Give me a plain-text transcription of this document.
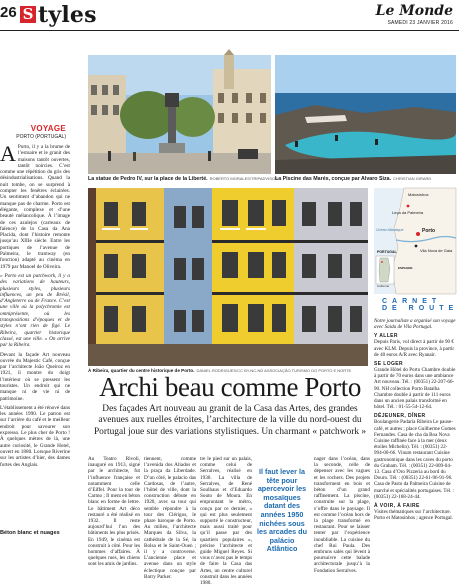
26 S tyles	Le Monde
SAMEDI 23 JANVIER 2016
VOYAGE
PORTO (PORTUGAL)
A Porto, il y a la brume de l’estuaire et le granit des maisons tantôt ouvertes, tantôt noircies. C’est comme une répétition du gris des désindustrialisations. Quand la nuit tombe, on se surprend à compter les fenêtres éclairées. Un sentiment d’abandon qui ne manque pas de charme. Porto est élégante, complexe et d’une beauté mélancolique. À l’image de ces azulejos (carreaux de faïence) de la Casa da Ana Placida, dont l’histoire remonte jusqu’au XIIIe siècle. Entre les portiques de l’avenue de Palmeira, le tramway (en fonction) adapté au cinéma en 1979 par Manoel de Oliveira.

« Porto est un patchwork, il y a des variations de hauteurs, plusieurs styles, plusieurs influences, un peu de Brésil, d’Angleterre ou de France. C’est une ville où la polychromie est omniprésente, où les transpositions d’époques et de styles n’ont rien de figé. Le Ribeira, quartier historique classé, est une ville. » On arrive par la Ribeira.

Devant la façade Art nouveau ouvrée du Majestic Café, conçue par l’architecte João Queiroz en 1921, il montre du doigt l’intérieur où se pressent les touristes. Un endroit qui ne manque ni de vie ni de patrimoine.

L’établissement a été rénové dans les années 1990. Le patron est sur l’arrière du café et le meilleur endroit pour savourer son expresso. Le plus cher de Porto ! À quelques mètres de là, une autre curiosité, le Grande Hotel, ouvert en 1880. Lorsque Riverine sur les artistes d’hier, des dames fortes des Anglais.

Béton blanc et nuages
La statue de Pedro IV, sur la place de la Liberté. ROBERTO MORALES/TRIPADVISOR
La Piscine das Marés, conçue par Alvaro Siza. CHRISTIAN GIRARD
À Ribeira, quartier du centre historique de Porto. DANIEL RODRIGUES/CC BY-NC-ND ASSOCIAÇÃO TURISMO DO PORTO E NORTE
Matosinhos
Leça da Palmeira
Porto
Vila Nova de Gaia
PORTUGAL
Lisbonne
ESPAGNE
Océan Atlantique
CARNET DE ROUTE
Notre journaliste a organisé son voyage avec Saida de Vila Portugal.
Y ALLER
Depuis Paris, vol direct à partir de 90 € avec KLM. Depuis la province, à partir de 40 euros A/R avec Ryanair.
SE LOGER
Grande Hôtel do Porto Chambre double à partir de 70 euros dans une ambiance Art nouveau. Tél. : (00351) 22-207-66-90. NH collection Porto Batalha Chambre double à partir de 111 euros dans un ancien palais transformé en hôtel. Tél. : 01-55-54-12-64.
DÉJEUNER, DÎNER
Boulangerie Padaria Ribeira Le pause-café, et autres ; place Guilherme Gomes Fernandes. Casa de cha da Boa Nova Cuisine raffinée face à la mer (deux étoiles Michelin). Tél. : (00351) 22-994-00-66. Vinum restaurant Cuisine gastronomique dans les caves du porto du Graham. Tél. : (00351) 22-009-04-13. Casa d’Oro Pizzeria au bord du Douro. Tél. : (00351) 22-61-96-91-96. Casa de Pasto da Palmeira Cuisine de marché et spécialités portugaises. Tél. : (00351) 22-168-24-44.
À VOIR, À FAIRE
Visites thématiques sur l’architecture. Porto et Matosinhos ; agence Portugal.
Archi beau comme Porto
Des façades Art nouveau au granit de la Casa das Artes, des grandes avenues aux ruelles étroites, l’architecture de la ville du nord-ouest du Portugal joue sur des variations stylistiques. Un charmant « patchwork »

Au Teatro Rivoli, inauguré en 1913, signé par le architecte, fut l’influence française et notamment celle d’Eiffel. Pour la tour de Carmo ; Il ment en béton blanc en forme de lettre. Le bâtiment Art déco restauré a été réalisé en 1932. Il reste aujourd’hui l’un des bâtiments les plus prisés. En 1949, le cinéma est construit à côté. Pour les hommes d’affaires. À quelques rues, les chiens sont les amis de jardins.

tiennent, comme l’avenida dos Aliados et la praça da Liberdade. D’un côté, le palacio das Cardosas, de l’autre, l’hôtel de ville, dont la construction débute en 1920, avec sa tour qui semble répondre à la tour des Clérigos, le phare baroque de Porto. Au milieu, l’architecte Marques da Silva, la cathédrale de la Sé, la Bolsa et le Saint-Ouen ; il y a controverse. L’ancienne place et avenue dans un style éclectique conçue par Barry Parker.

tre le pied sur un palais, comme celui de Serralves, réalisé en 1930. La villa de Serralves, de René Soulhaus et d’Eduardo Souto de Moura. En empruntant le métro, conçu par ce dernier, « qui est plus seulement supporté le constructeur, mais aussi traité pour qu’il passe par des quartiers populaires », précise l’architecte et guide Miguel Reyes. Si vous n’avez pas le temps de faire la Casa das Artes, un centre culturel construit dans les années 1980.

Il faut lever la tête pour apercevoir les mosaïques datant des années 1950 nichées sous les arcades du palácio Atlântico

nager dans l’océan, dans la seconde, celle de dépenser avec les vagues et les rochers. Des projets transforment en bois et béton d’un grand raffinement. La piscine, construite sur la plage, s’offre dans le paysage. Il est comme l’océan hors de la plage transformé en restaurant. Pour se laisser tenter par l’expérience inoubliable. La cuisine du chef Rui Paula. Des embruns salés qui lèvent à poursuivre cette balade architecturale jusqu’à la Fondation Serralves.
